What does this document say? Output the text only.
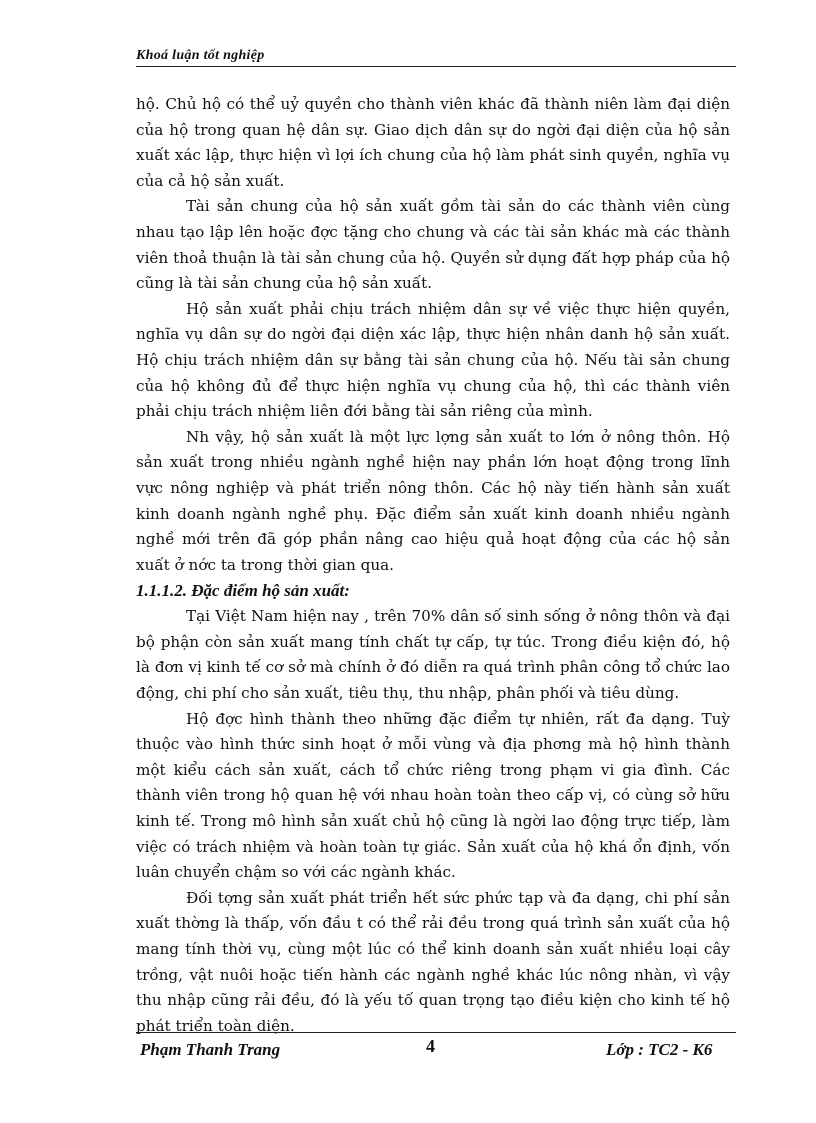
Khoá luận tốt nghiệp

hộ. Chủ hộ có thể uỷ quyền cho thành viên khác đã thành niên làm đại diện của hộ trong quan hệ dân sự. Giao dịch dân sự do ngời đại diện của hộ sản xuất xác lập, thực hiện vì lợi ích chung của hộ làm phát sinh quyền, nghĩa vụ của cả hộ sản xuất.

Tài sản chung của hộ sản xuất gồm tài sản do các thành viên cùng nhau tạo lập lên hoặc đợc tặng cho chung và các tài sản khác mà các thành viên thoả thuận là tài sản chung của hộ. Quyền sử dụng đất hợp pháp của hộ cũng là tài sản chung của hộ sản xuất.

Hộ sản xuất phải chịu trách nhiệm dân sự về việc thực hiện quyền, nghĩa vụ dân sự do ngời đại diện xác lập, thực hiện nhân danh hộ sản xuất. Hộ chịu trách nhiệm dân sự bằng tài sản chung của hộ. Nếu tài sản chung của hộ không đủ để thực hiện nghĩa vụ chung của hộ, thì các thành viên phải chịu trách nhiệm liên đới bằng tài sản riêng của mình.

Nh vậy, hộ sản xuất là một lực lợng sản xuất to lớn ở nông thôn. Hộ sản xuất trong nhiều ngành nghề hiện nay phần lớn hoạt động trong lĩnh vực nông nghiệp và phát triển nông thôn. Các hộ này tiến hành sản xuất kinh doanh ngành nghề phụ. Đặc điểm sản xuất kinh doanh nhiều ngành nghề mới trên đã góp phần nâng cao hiệu quả hoạt động của các hộ sản xuất ở nớc ta trong thời gian qua.

1.1.1.2. Đặc điểm hộ sản xuất:

Tại Việt Nam hiện nay , trên 70% dân số sinh sống ở nông thôn và đại bộ phận còn sản xuất mang tính chất tự cấp, tự túc. Trong điều kiện đó, hộ là đơn vị kinh tế cơ sở mà chính ở đó diễn ra quá trình phân công tổ chức lao động, chi phí cho sản xuất, tiêu thụ, thu nhập, phân phối và tiêu dùng.

Hộ đợc hình thành theo những đặc điểm tự nhiên, rất đa dạng. Tuỳ thuộc vào hình thức sinh hoạt ở mỗi vùng và địa phơng mà hộ hình thành một kiểu cách sản xuất, cách tổ chức riêng trong phạm vi gia đình. Các thành viên trong hộ quan hệ với nhau hoàn toàn theo cấp vị, có cùng sở hữu kinh tế. Trong mô hình sản xuất chủ hộ cũng là ngời lao động trực tiếp, làm việc có trách nhiệm và hoàn toàn tự giác. Sản xuất của hộ khá ổn định, vốn luân chuyển chậm so với các ngành khác.

Đối tợng sản xuất phát triển hết sức phức tạp và đa dạng, chi phí sản xuất thờng là thấp, vốn đầu t có thể rải đều trong quá trình sản xuất của hộ mang tính thời vụ, cùng một lúc có thể kinh doanh sản xuất nhiều loại cây trồng, vật nuôi hoặc tiến hành các ngành nghề khác lúc nông nhàn, vì vậy thu nhập cũng rải đều, đó là yếu tố quan trọng tạo điều kiện cho kinh tế hộ phát triển toàn diện.

Phạm Thanh Trang	4	Lớp : TC2 - K6
